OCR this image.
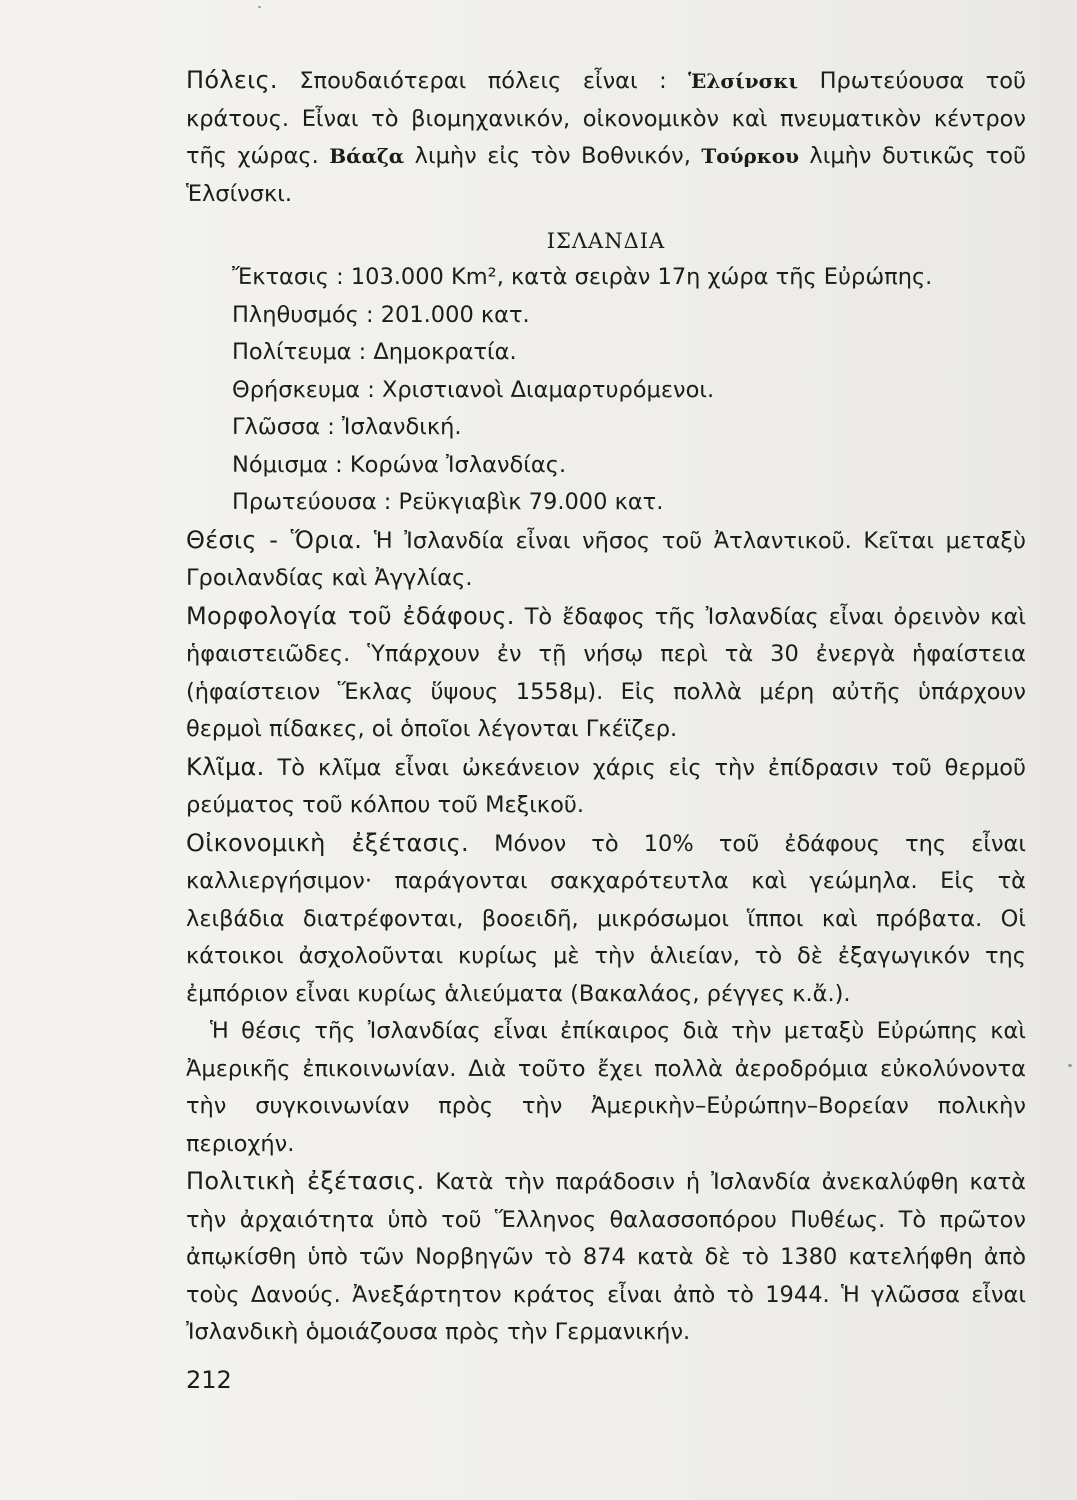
Πόλεις. Σπουδαιότεραι πόλεις εἶναι : Ἑλσίνσκι Πρωτεύουσα τοῦ κράτους. Εἶναι τὸ βιομηχανικόν, οἰκονομικὸν καὶ πνευματικὸν κέντρον τῆς χώρας. Βάαζα λιμὴν εἰς τὸν Βοθνικόν, Τούρκου λιμὴν δυτικῶς τοῦ Ἑλσίνσκι.

ΙΣΛΑΝΔΙΑ

Ἔκτασις : 103.000 Km², κατὰ σειρὰν 17η χώρα τῆς Εὐρώπης.
Πληθυσμός : 201.000 κατ.
Πολίτευμα : Δημοκρατία.
Θρήσκευμα : Χριστιανοὶ Διαμαρτυρόμενοι.
Γλῶσσα : Ἰσλανδική.
Νόμισμα : Κορώνα Ἰσλανδίας.
Πρωτεύουσα : Ρεϋκγιαβὶκ 79.000 κατ.

Θέσις - Ὅρια. Ἡ Ἰσλανδία εἶναι νῆσος τοῦ Ἀτλαντικοῦ. Κεῖται μεταξὺ Γροιλανδίας καὶ Ἀγγλίας.

Μορφολογία τοῦ ἐδάφους. Τὸ ἔδαφος τῆς Ἰσλανδίας εἶναι ὀρεινὸν καὶ ἡφαιστειῶδες. Ὑπάρχουν ἐν τῇ νήσῳ περὶ τὰ 30 ἐνεργὰ ἡφαίστεια (ἡφαίστειον Ἕκλας ὕψους 1558μ). Εἰς πολλὰ μέρη αὐτῆς ὑπάρχουν θερμοὶ πίδακες, οἱ ὁποῖοι λέγονται Γκέϊζερ.

Κλῖμα. Τὸ κλῖμα εἶναι ὠκεάνειον χάρις εἰς τὴν ἐπίδρασιν τοῦ θερμοῦ ρεύματος τοῦ κόλπου τοῦ Μεξικοῦ.

Οἰκονομικὴ ἐξέτασις. Μόνον τὸ 10% τοῦ ἐδάφους της εἶναι καλλιεργήσιμον· παράγονται σακχαρότευτλα καὶ γεώμηλα. Εἰς τὰ λειβάδια διατρέφονται, βοοειδῆ, μικρόσωμοι ἵπποι καὶ πρόβατα. Οἱ κάτοικοι ἀσχολοῦνται κυρίως μὲ τὴν ἁλιείαν, τὸ δὲ ἐξαγωγικόν της ἐμπόριον εἶναι κυρίως ἁλιεύματα (Βακαλάος, ρέγγες κ.ἄ.).

Ἡ θέσις τῆς Ἰσλανδίας εἶναι ἐπίκαιρος διὰ τὴν μεταξὺ Εὐρώπης καὶ Ἀμερικῆς ἐπικοινωνίαν. Διὰ τοῦτο ἔχει πολλὰ ἀεροδρόμια εὐκολύνοντα τὴν συγκοινωνίαν πρὸς τὴν Ἀμερικὴν–Εὐρώπην–Βορείαν πολικὴν περιοχήν.

Πολιτικὴ ἐξέτασις. Κατὰ τὴν παράδοσιν ἡ Ἰσλανδία ἀνεκαλύφθη κατὰ τὴν ἀρχαιότητα ὑπὸ τοῦ Ἕλληνος θαλασσοπόρου Πυθέως. Τὸ πρῶτον ἀπῳκίσθη ὑπὸ τῶν Νορβηγῶν τὸ 874 κατὰ δὲ τὸ 1380 κατελήφθη ἀπὸ τοὺς Δανούς. Ἀνεξάρτητον κράτος εἶναι ἀπὸ τὸ 1944. Ἡ γλῶσσα εἶναι Ἰσλανδικὴ ὁμοιάζουσα πρὸς τὴν Γερμανικήν.

212
